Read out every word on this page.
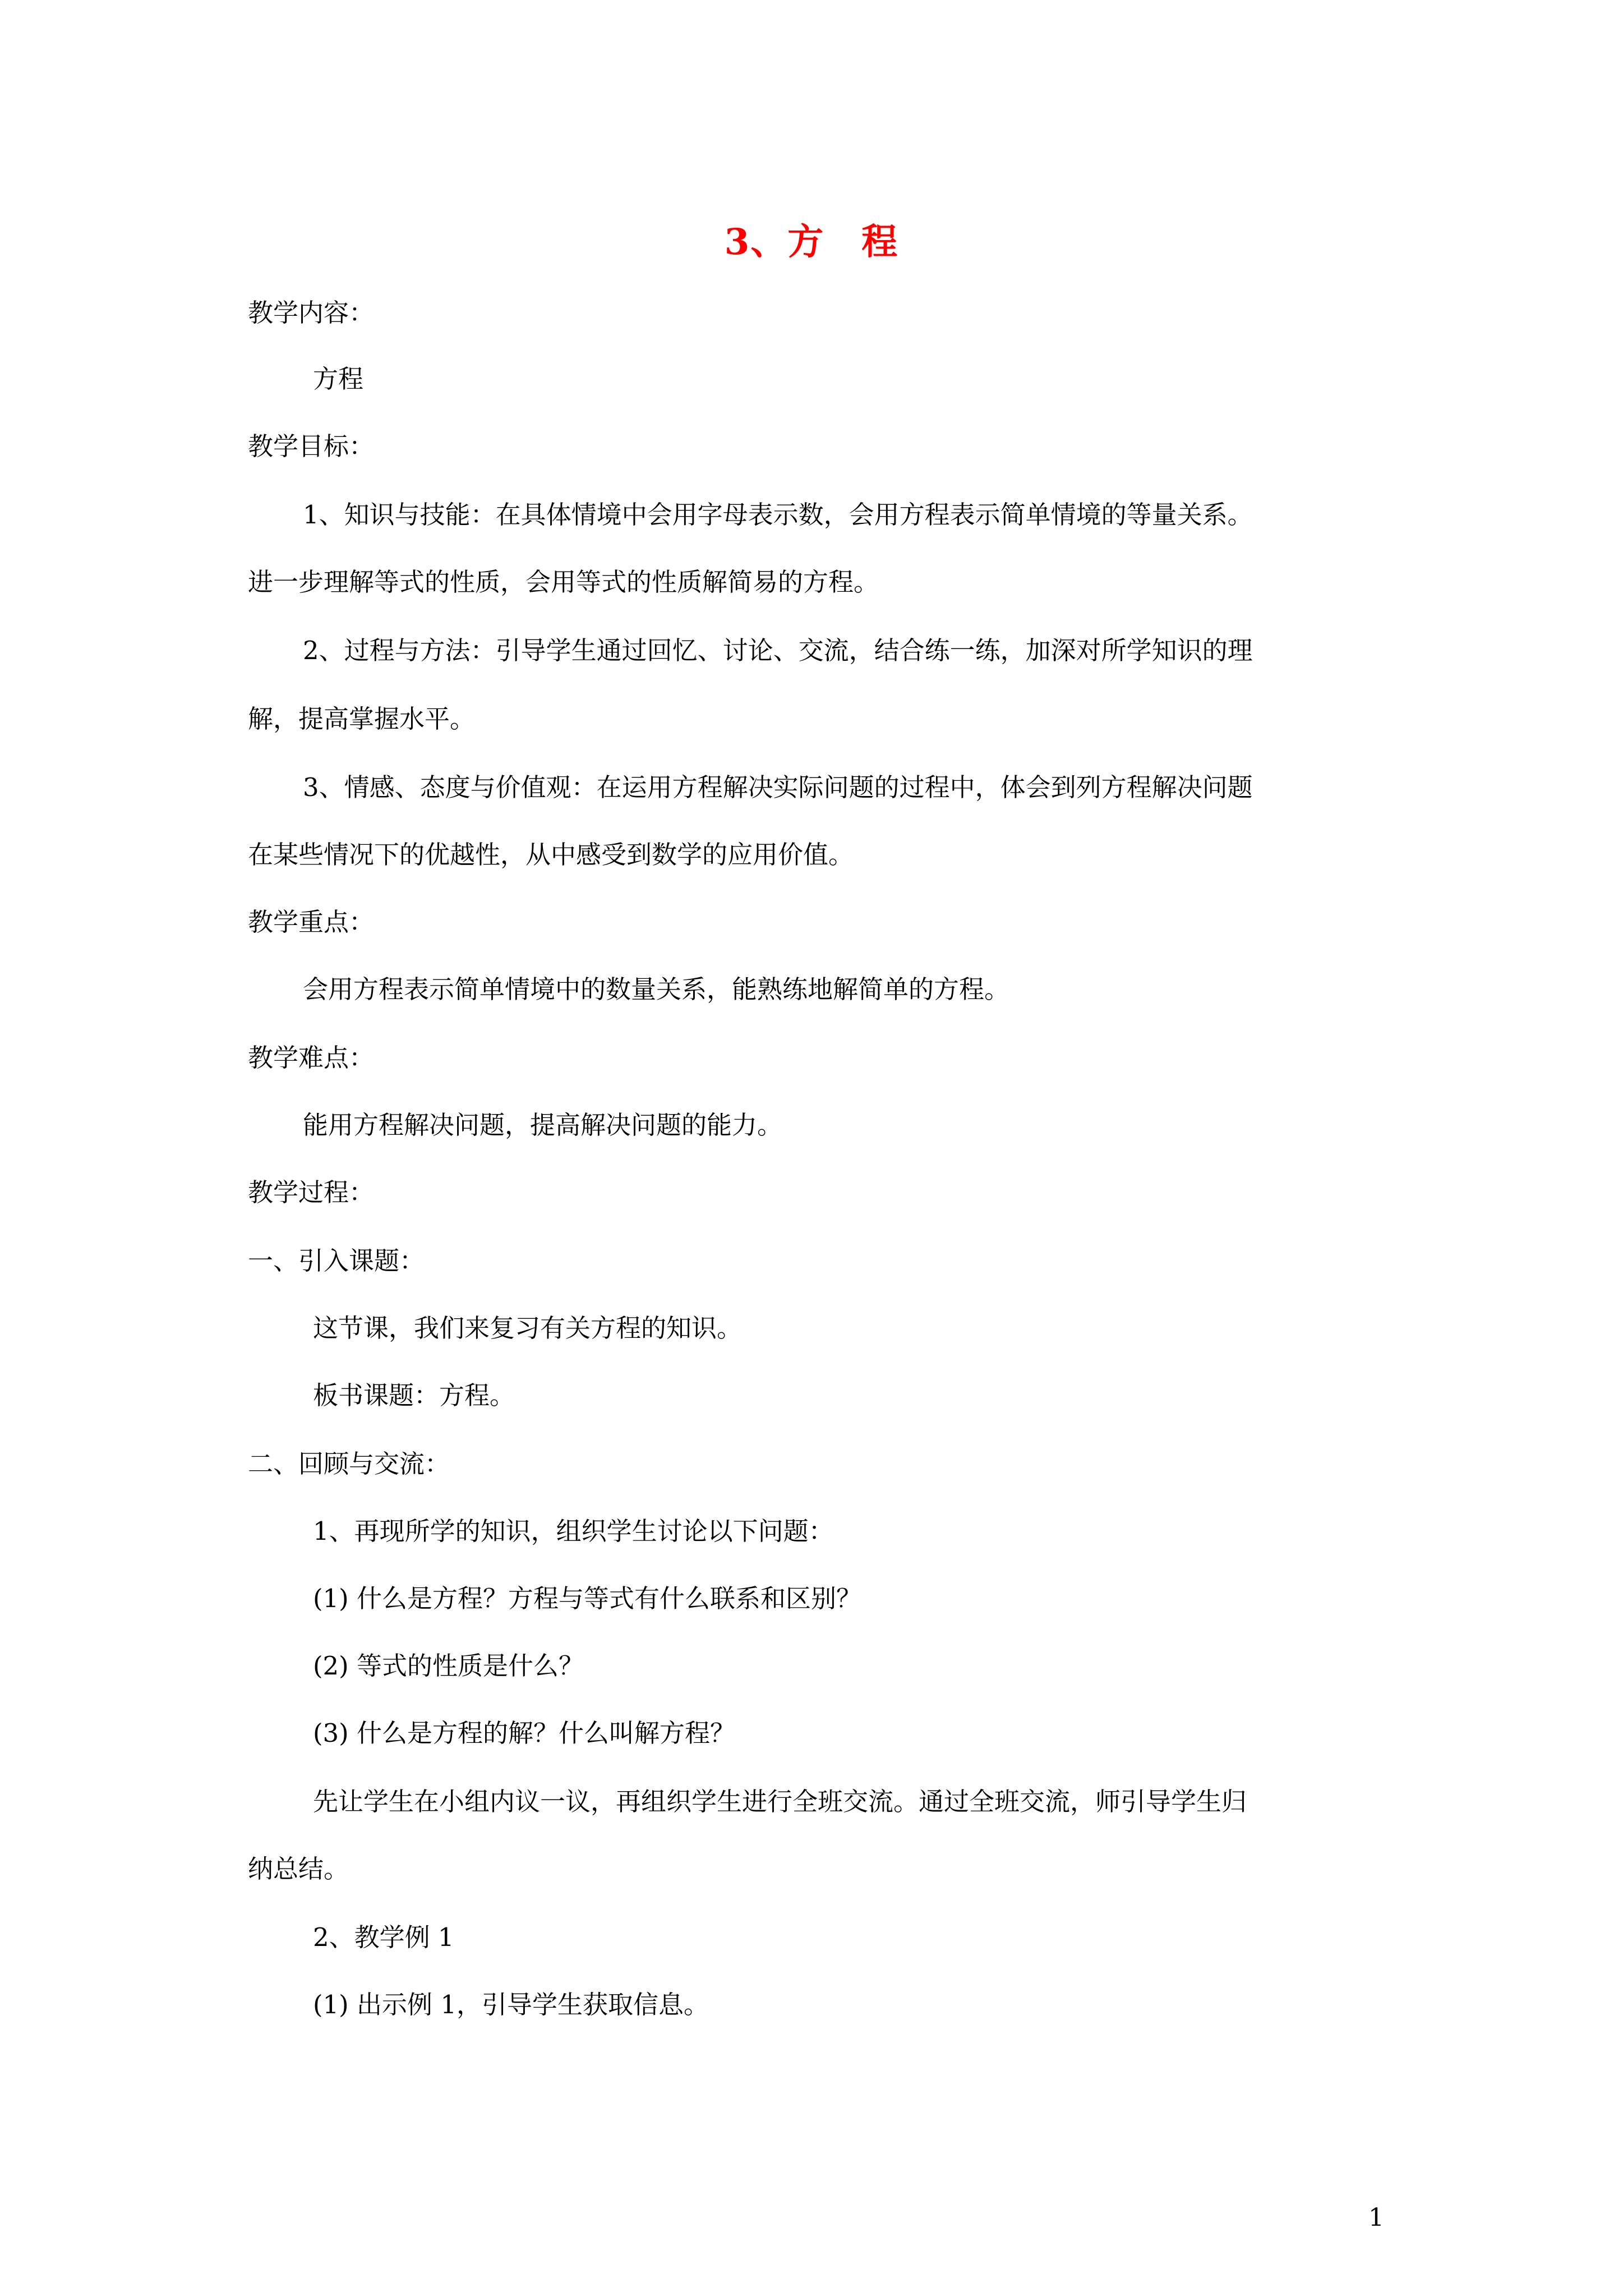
3、方　程
教学内容：
方程
教学目标：
1、知识与技能：在具体情境中会用字母表示数，会用方程表示简单情境的等量关系。
进一步理解等式的性质，会用等式的性质解简易的方程。
2、过程与方法：引导学生通过回忆、讨论、交流，结合练一练，加深对所学知识的理
解，提高掌握水平。
3、情感、态度与价值观：在运用方程解决实际问题的过程中，体会到列方程解决问题
在某些情况下的优越性，从中感受到数学的应用价值。
教学重点：
会用方程表示简单情境中的数量关系，能熟练地解简单的方程。
教学难点：
能用方程解决问题，提高解决问题的能力。
教学过程：
一、引入课题：
这节课，我们来复习有关方程的知识。
板书课题：方程。
二、回顾与交流：
1、再现所学的知识，组织学生讨论以下问题：
(1) 什么是方程？方程与等式有什么联系和区别？
(2) 等式的性质是什么？
(3) 什么是方程的解？什么叫解方程？
先让学生在小组内议一议，再组织学生进行全班交流。通过全班交流，师引导学生归
纳总结。
2、教学例 1
(1) 出示例 1，引导学生获取信息。
1
